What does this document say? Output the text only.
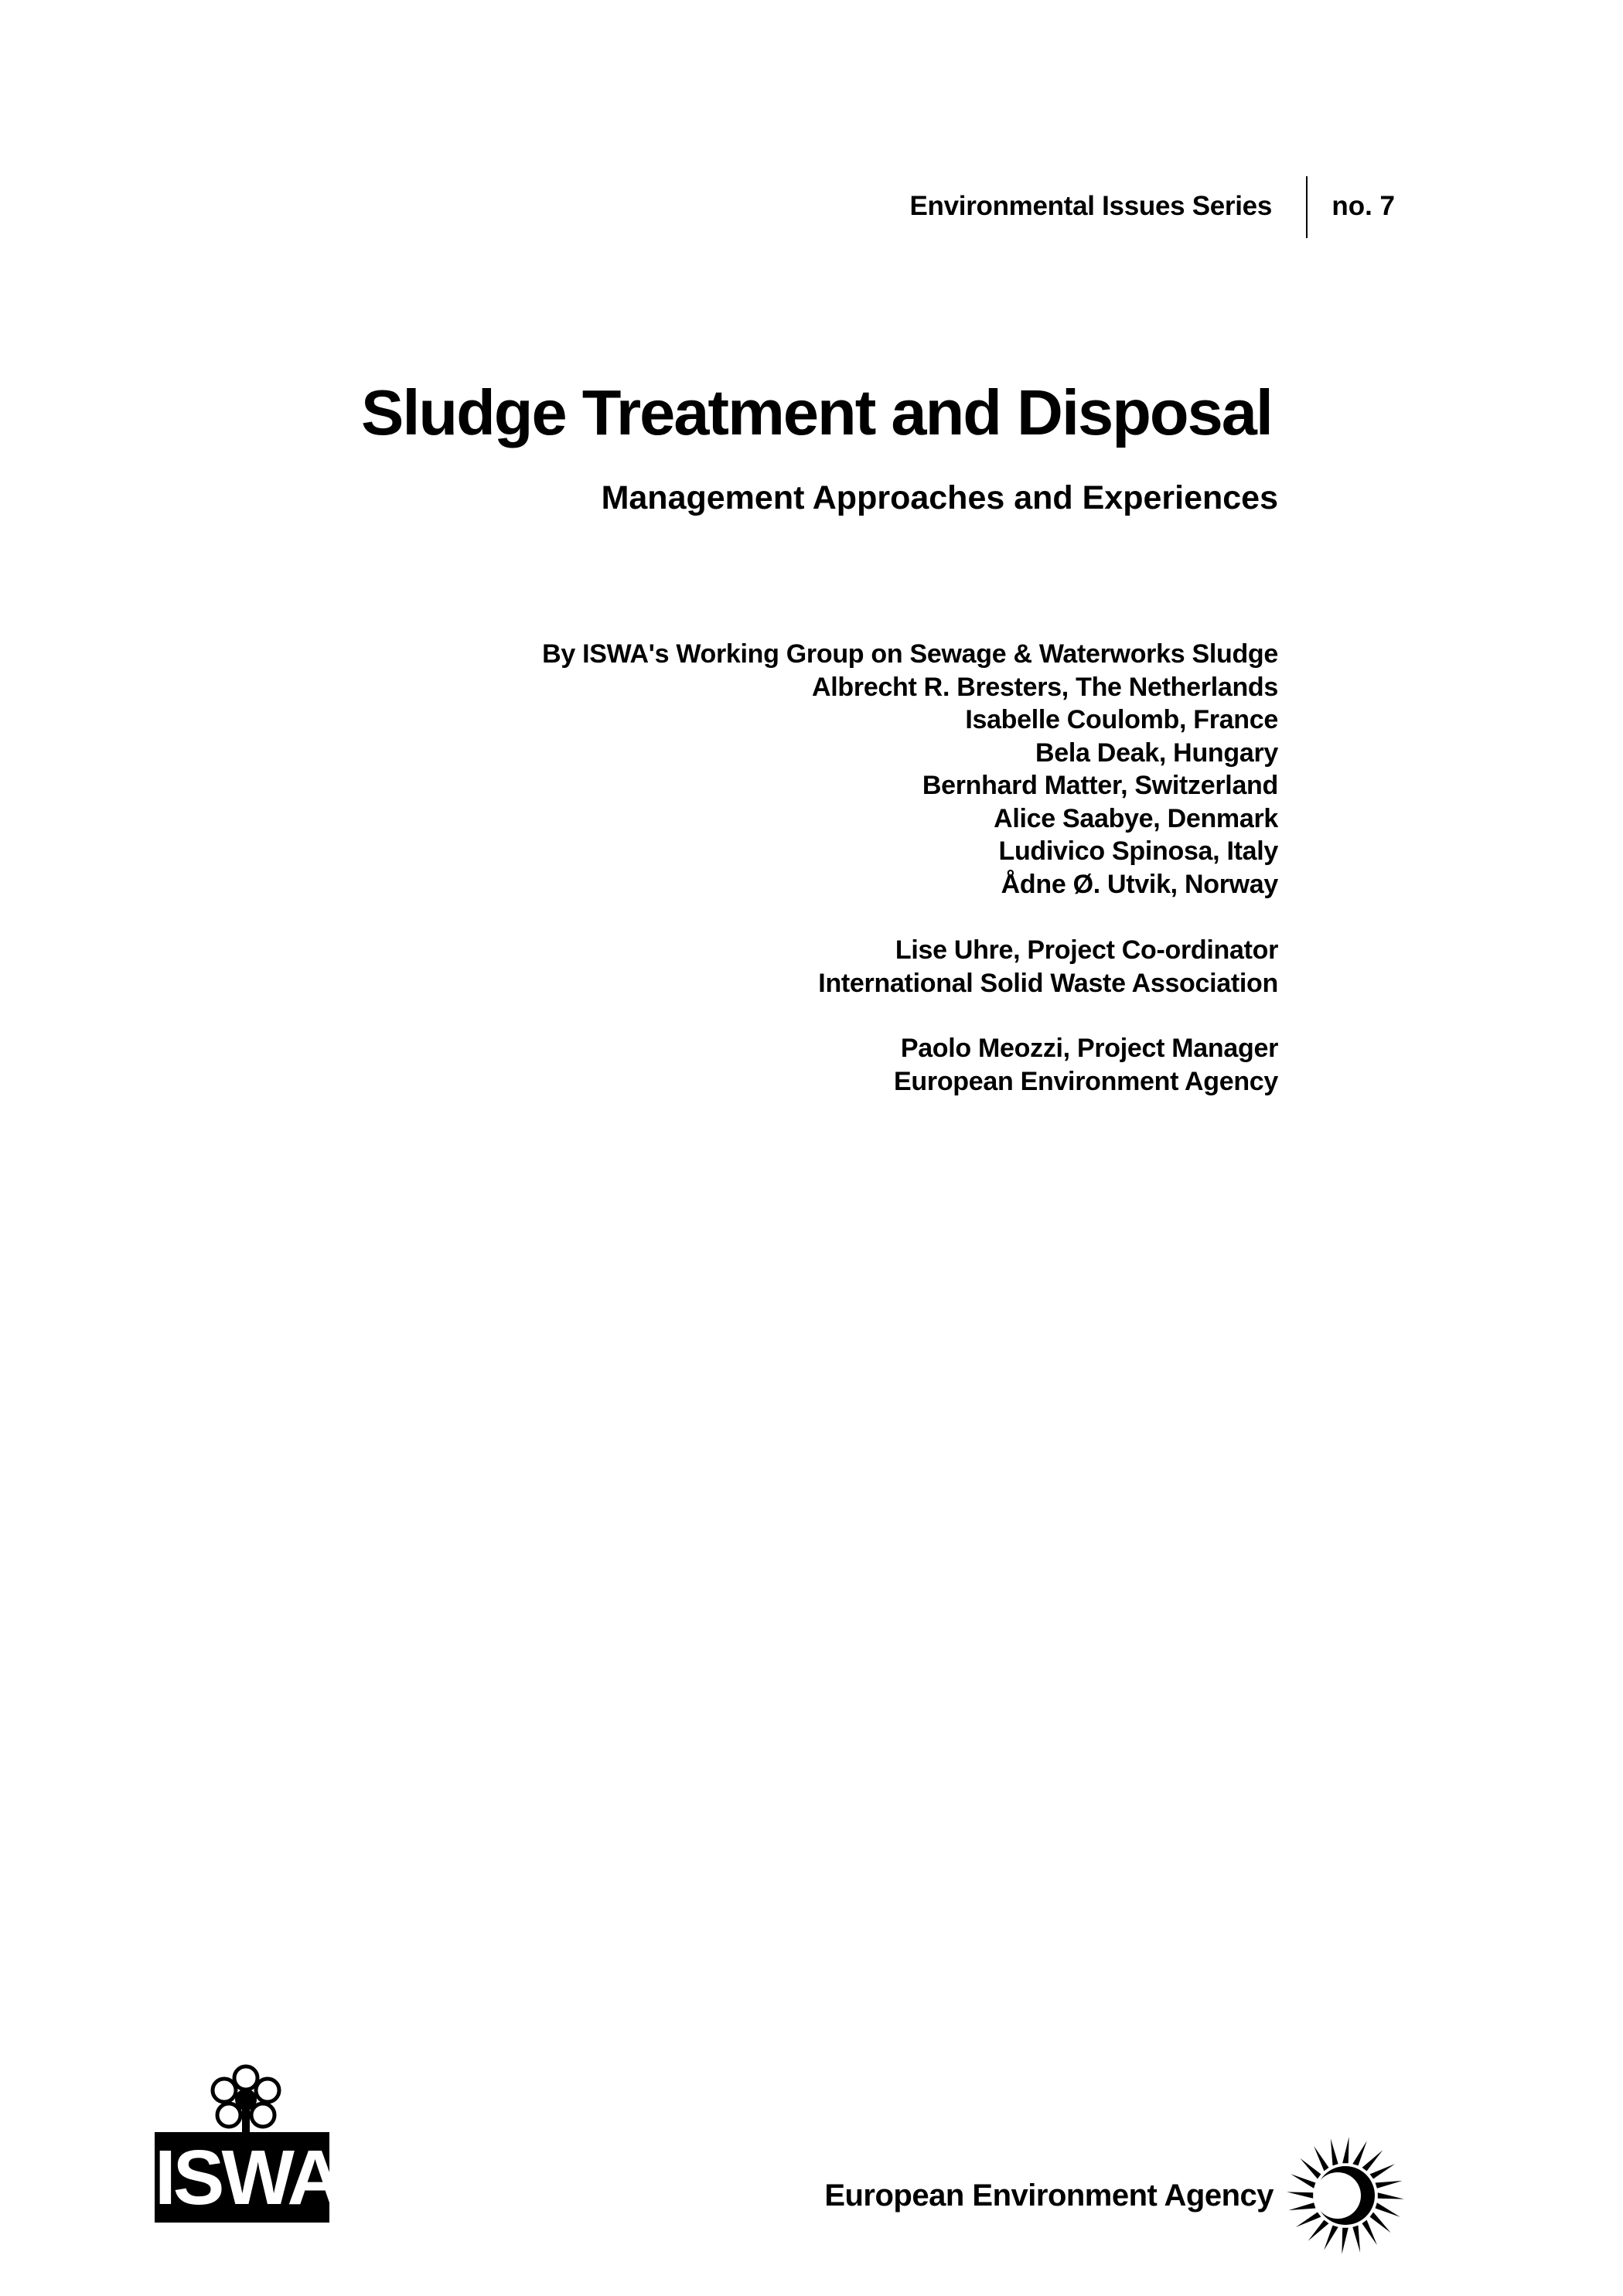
Environmental Issues Series no. 7
Sludge Treatment and Disposal
Management Approaches and Experiences
By ISWA's Working Group on Sewage & Waterworks Sludge
Albrecht R. Bresters, The Netherlands
Isabelle Coulomb, France
Bela Deak, Hungary
Bernhard Matter, Switzerland
Alice Saabye, Denmark
Ludivico Spinosa, Italy
Ådne Ø. Utvik, Norway
Lise Uhre, Project Co-ordinator
International Solid Waste Association
Paolo Meozzi, Project Manager
European Environment Agency
ISWA	European Environment Agency
